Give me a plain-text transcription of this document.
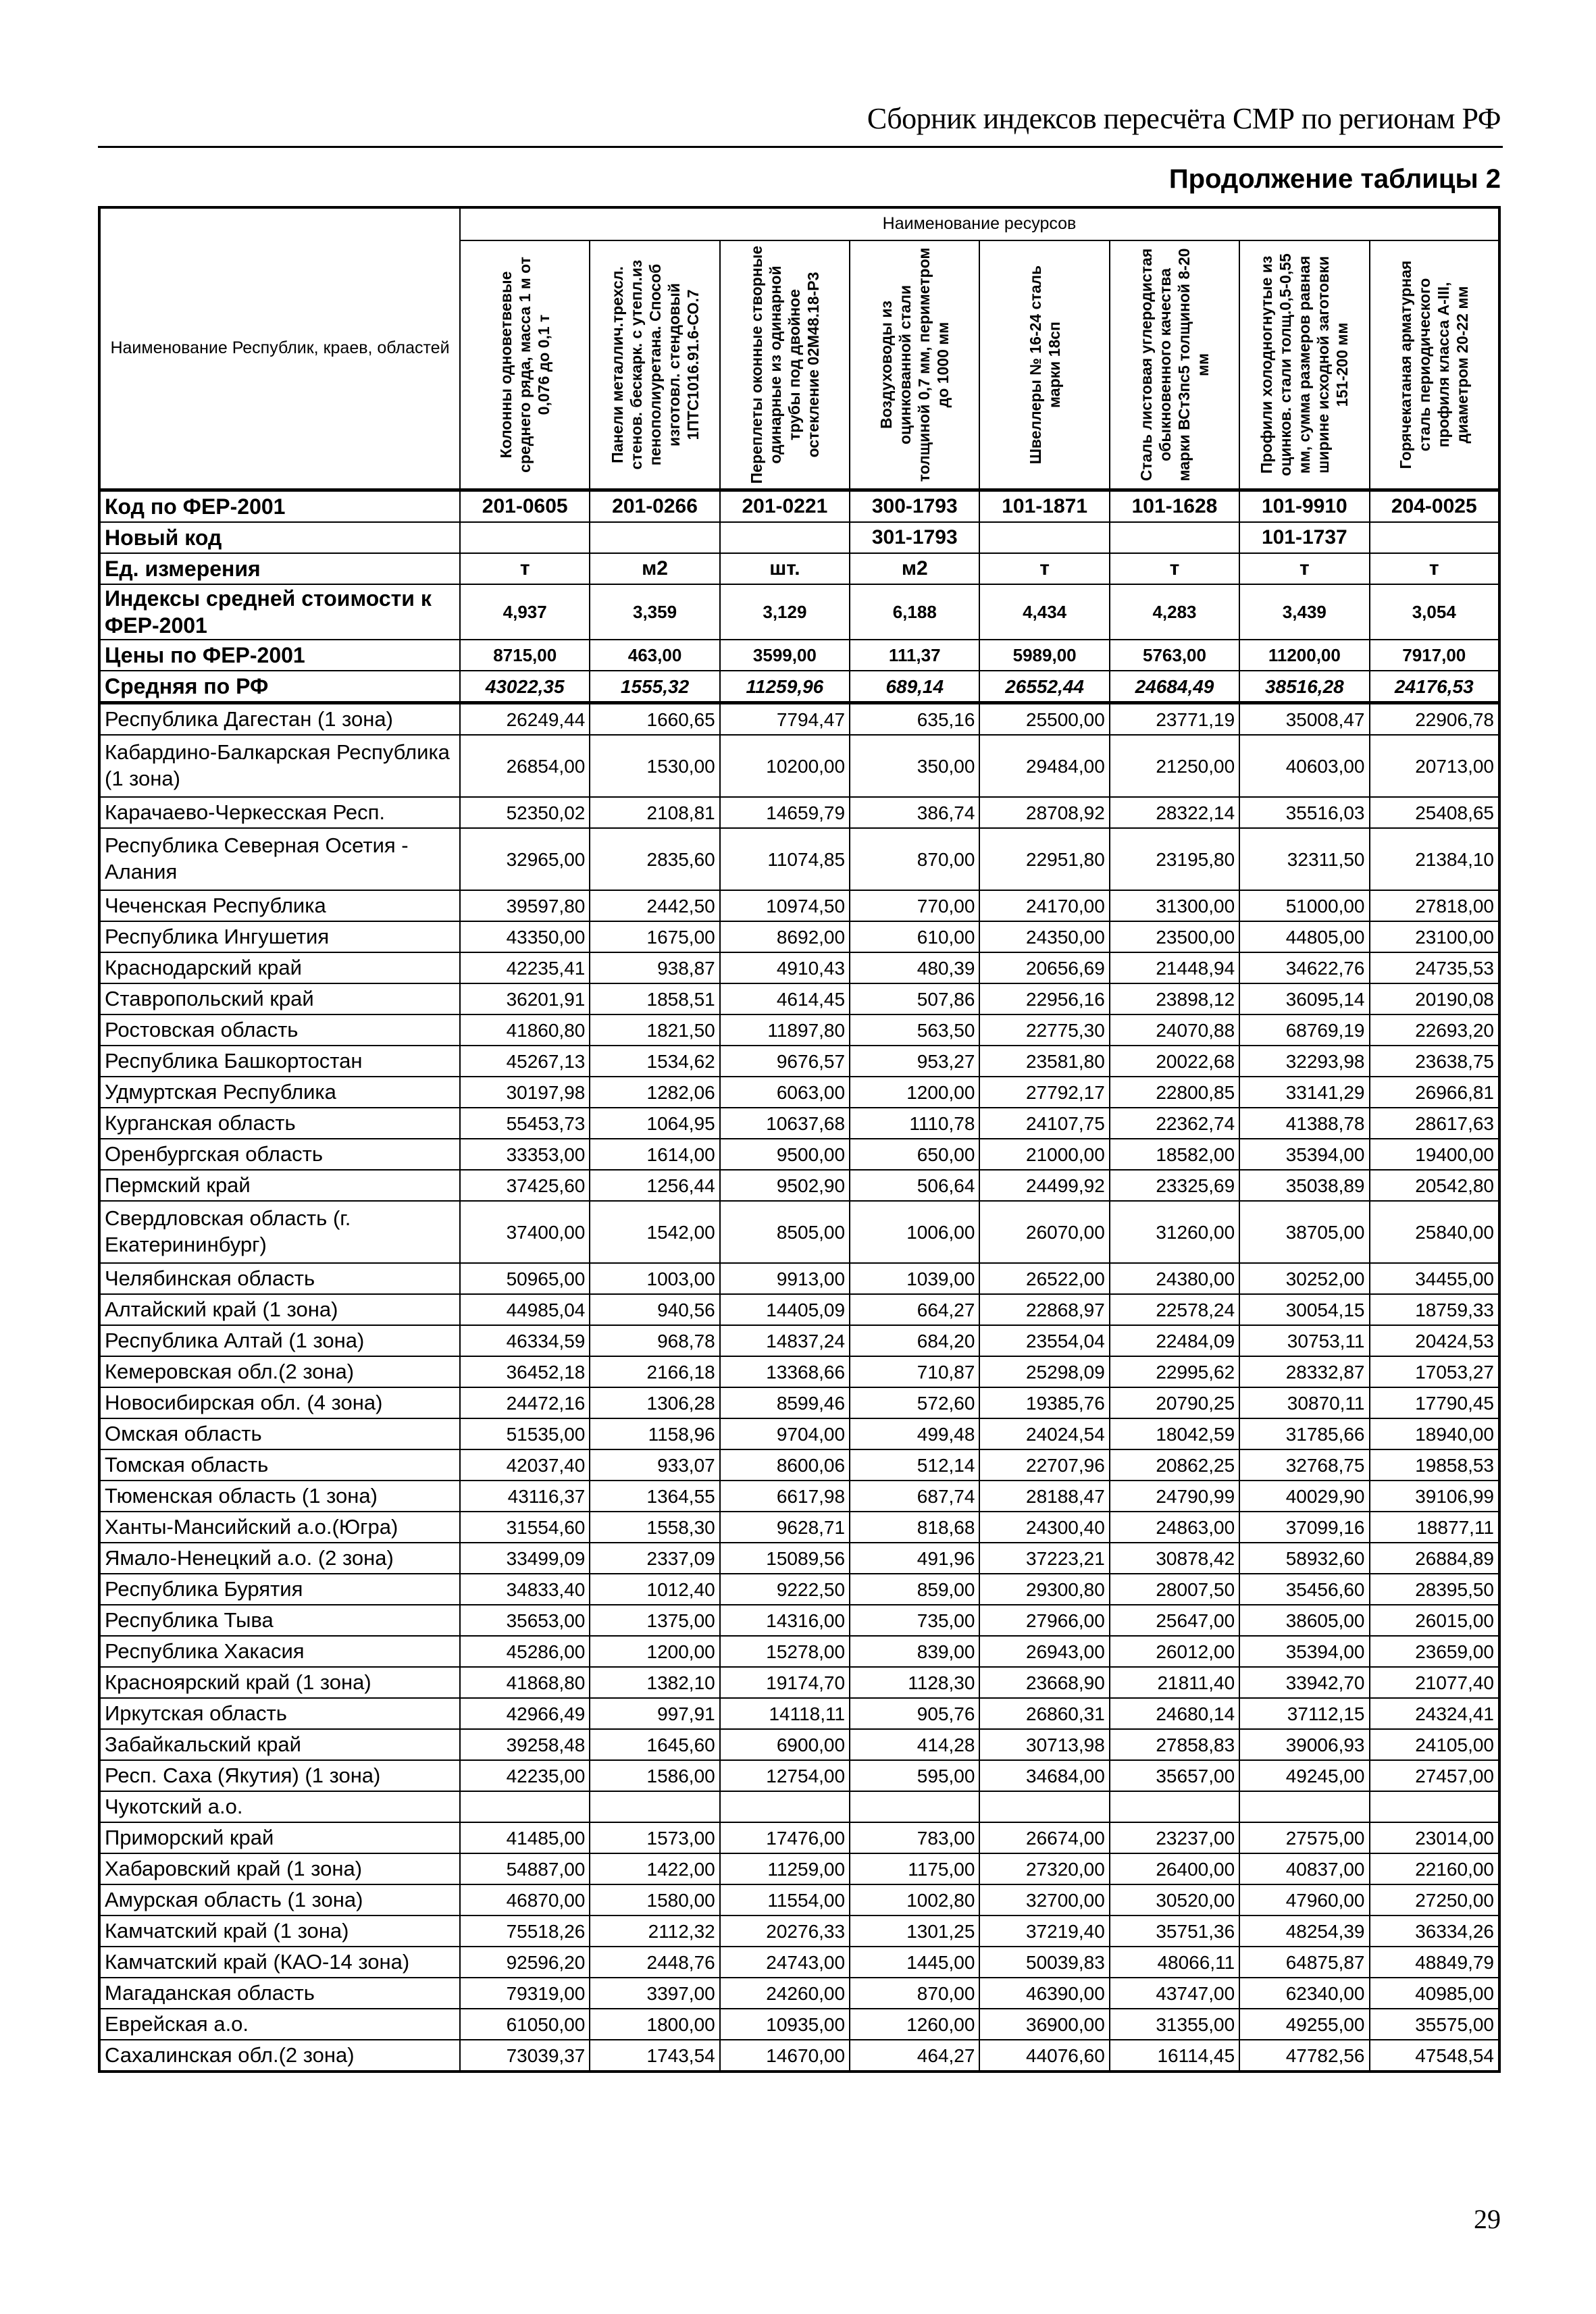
Сборник индексов пересчёта СМР по регионам РФ
Продолжение таблицы 2
Наименование Республик, краев, областей	Наименование ресурсов							

	Колонны одноветвевые среднего ряда, масса 1 м от 0,076 до 0,1 т	Панели металлич.трехсл. стенов. бескарк. с утепл.из пенополиуретана. Способ изготовл. стендовый 1ПТС1016.91.6-СО.7	Переплеты оконные створные одинарные из одинарной трубы под двойное остекление 02М48.18-Р3	Воздуховоды из оцинкованной стали толщиной 0,7 мм, периметром до 1000 мм	Швеллеры № 16-24 сталь марки 18сп	Сталь листовая углеродистая обыкновенного качества марки ВСт3пс5 толщиной 8-20 мм	Профили холодногнутые из оцинков. стали толщ.0,5-0,55 мм, сумма размеров равная ширине исходной заготовки 151-200 мм	Горячекатаная арматурная сталь периодического профиля класса А-III, диаметром 20-22 мм

Код по ФЕР-2001	201-0605	201-0266	201-0221	300-1793	101-1871	101-1628	101-9910	204-0025
Новый код				301-1793			101-1737	
Ед. измерения	т	м2	шт.	м2	т	т	т	т
Индексы средней стоимости к ФЕР-2001	4,937	3,359	3,129	6,188	4,434	4,283	3,439	3,054
Цены по ФЕР-2001	8715,00	463,00	3599,00	111,37	5989,00	5763,00	11200,00	7917,00
Средняя по РФ	43022,35	1555,32	11259,96	689,14	26552,44	24684,49	38516,28	24176,53
Республика Дагестан (1 зона)	26249,44	1660,65	7794,47	635,16	25500,00	23771,19	35008,47	22906,78
Кабардино-Балкарская Республика (1 зона)	26854,00	1530,00	10200,00	350,00	29484,00	21250,00	40603,00	20713,00
Карачаево-Черкесская Респ.	52350,02	2108,81	14659,79	386,74	28708,92	28322,14	35516,03	25408,65
Республика Северная Осетия - Алания	32965,00	2835,60	11074,85	870,00	22951,80	23195,80	32311,50	21384,10
Чеченская Республика	39597,80	2442,50	10974,50	770,00	24170,00	31300,00	51000,00	27818,00
Республика Ингушетия	43350,00	1675,00	8692,00	610,00	24350,00	23500,00	44805,00	23100,00
Краснодарский край	42235,41	938,87	4910,43	480,39	20656,69	21448,94	34622,76	24735,53
Ставропольский край	36201,91	1858,51	4614,45	507,86	22956,16	23898,12	36095,14	20190,08
Ростовская область	41860,80	1821,50	11897,80	563,50	22775,30	24070,88	68769,19	22693,20
Республика Башкортостан	45267,13	1534,62	9676,57	953,27	23581,80	20022,68	32293,98	23638,75
Удмуртская Республика	30197,98	1282,06	6063,00	1200,00	27792,17	22800,85	33141,29	26966,81
Курганская область	55453,73	1064,95	10637,68	1110,78	24107,75	22362,74	41388,78	28617,63
Оренбургская область	33353,00	1614,00	9500,00	650,00	21000,00	18582,00	35394,00	19400,00
Пермский край	37425,60	1256,44	9502,90	506,64	24499,92	23325,69	35038,89	20542,80
Свердловская область (г. Екатерининбург)	37400,00	1542,00	8505,00	1006,00	26070,00	31260,00	38705,00	25840,00
Челябинская область	50965,00	1003,00	9913,00	1039,00	26522,00	24380,00	30252,00	34455,00
Алтайский край (1 зона)	44985,04	940,56	14405,09	664,27	22868,97	22578,24	30054,15	18759,33
Республика Алтай (1 зона)	46334,59	968,78	14837,24	684,20	23554,04	22484,09	30753,11	20424,53
Кемеровская обл.(2 зона)	36452,18	2166,18	13368,66	710,87	25298,09	22995,62	28332,87	17053,27
Новосибирская обл. (4 зона)	24472,16	1306,28	8599,46	572,60	19385,76	20790,25	30870,11	17790,45
Омская область	51535,00	1158,96	9704,00	499,48	24024,54	18042,59	31785,66	18940,00
Томская область	42037,40	933,07	8600,06	512,14	22707,96	20862,25	32768,75	19858,53
Тюменская область (1 зона)	43116,37	1364,55	6617,98	687,74	28188,47	24790,99	40029,90	39106,99
Ханты-Мансийский а.о.(Югра)	31554,60	1558,30	9628,71	818,68	24300,40	24863,00	37099,16	18877,11
Ямало-Ненецкий а.о. (2 зона)	33499,09	2337,09	15089,56	491,96	37223,21	30878,42	58932,60	26884,89
Республика Бурятия	34833,40	1012,40	9222,50	859,00	29300,80	28007,50	35456,60	28395,50
Республика Тыва	35653,00	1375,00	14316,00	735,00	27966,00	25647,00	38605,00	26015,00
Республика Хакасия	45286,00	1200,00	15278,00	839,00	26943,00	26012,00	35394,00	23659,00
Красноярский край (1 зона)	41868,80	1382,10	19174,70	1128,30	23668,90	21811,40	33942,70	21077,40
Иркутская область	42966,49	997,91	14118,11	905,76	26860,31	24680,14	37112,15	24324,41
Забайкальский край	39258,48	1645,60	6900,00	414,28	30713,98	27858,83	39006,93	24105,00
Респ. Саха (Якутия) (1 зона)	42235,00	1586,00	12754,00	595,00	34684,00	35657,00	49245,00	27457,00
Чукотский а.о.								
Приморский край	41485,00	1573,00	17476,00	783,00	26674,00	23237,00	27575,00	23014,00
Хабаровский край (1 зона)	54887,00	1422,00	11259,00	1175,00	27320,00	26400,00	40837,00	22160,00
Амурская область (1 зона)	46870,00	1580,00	11554,00	1002,80	32700,00	30520,00	47960,00	27250,00
Камчатский край (1 зона)	75518,26	2112,32	20276,33	1301,25	37219,40	35751,36	48254,39	36334,26
Камчатский край (КАО-14 зона)	92596,20	2448,76	24743,00	1445,00	50039,83	48066,11	64875,87	48849,79
Магаданская область	79319,00	3397,00	24260,00	870,00	46390,00	43747,00	62340,00	40985,00
Еврейская а.о.	61050,00	1800,00	10935,00	1260,00	36900,00	31355,00	49255,00	35575,00
Сахалинская обл.(2 зона)	73039,37	1743,54	14670,00	464,27	44076,60	16114,45	47782,56	47548,54
29
